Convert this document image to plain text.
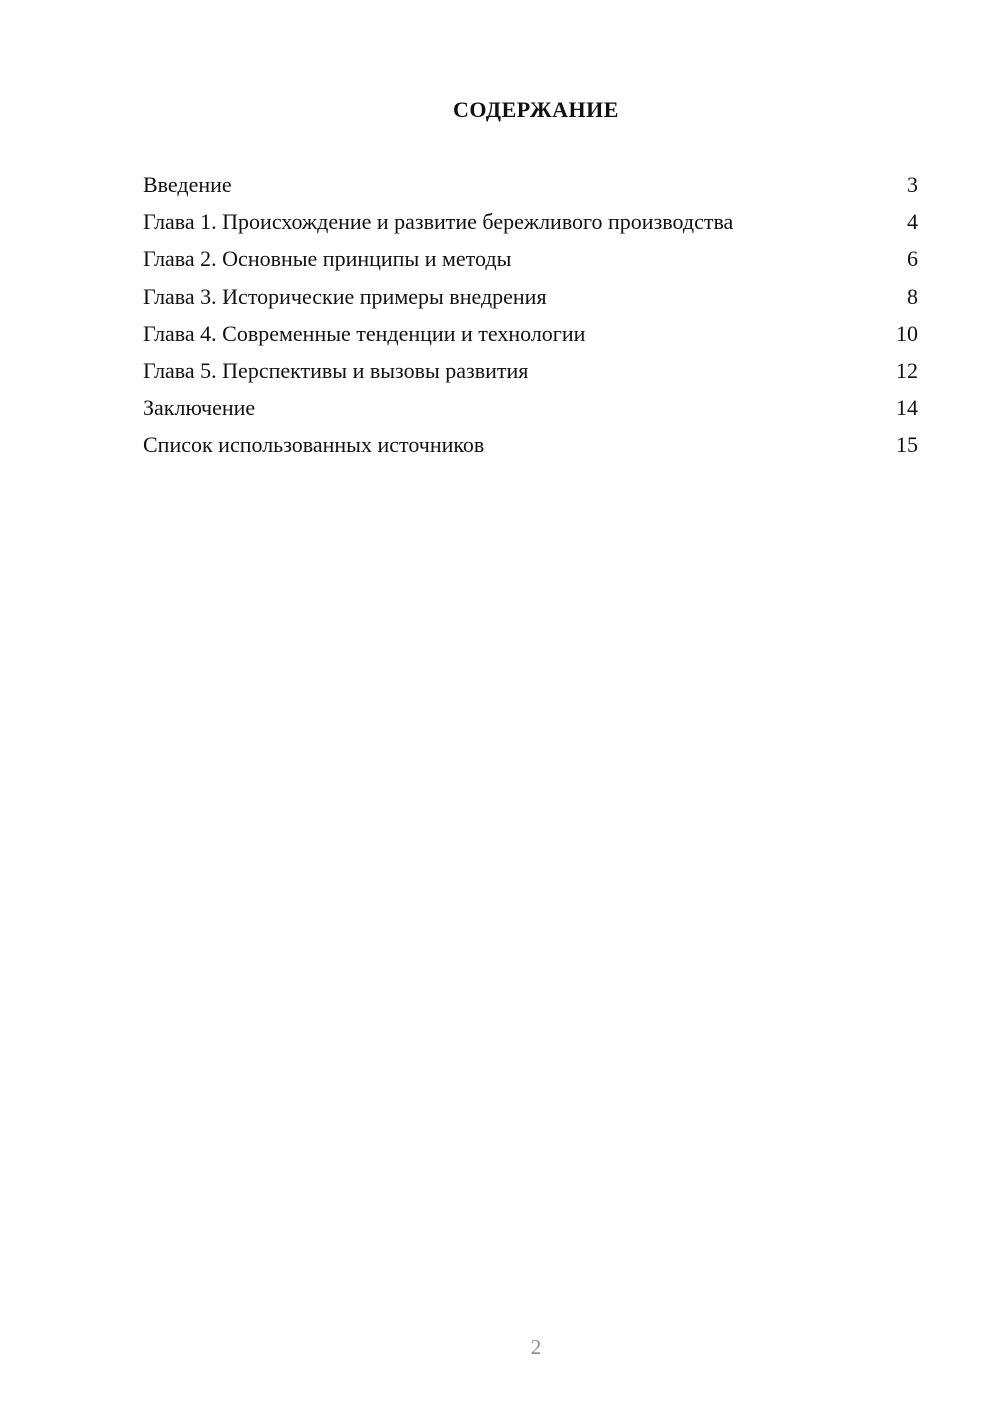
СОДЕРЖАНИЕ
Введение	3
Глава 1. Происхождение и развитие бережливого производства	4
Глава 2. Основные принципы и методы	6
Глава 3. Исторические примеры внедрения	8
Глава 4. Современные тенденции и технологии	10
Глава 5. Перспективы и вызовы развития	12
Заключение	14
Список использованных источников	15
2
